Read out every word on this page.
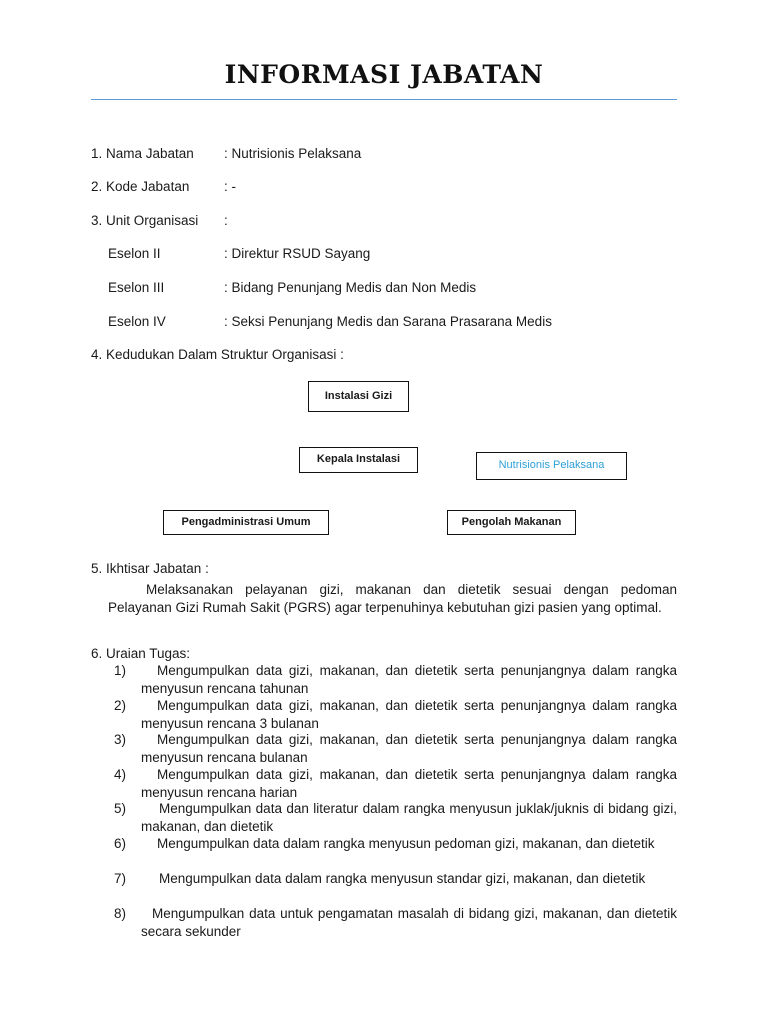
INFORMASI JABATAN
1. Nama Jabatan : Nutrisionis Pelaksana
2. Kode Jabatan	: -
3. Unit Organisasi :
Eselon II	: Direktur RSUD Sayang
Eselon III	: Bidang Penunjang Medis dan Non Medis
Eselon IV	: Seksi Penunjang Medis dan Sarana Prasarana Medis
4. Kedudukan Dalam Struktur Organisasi :
Instalasi Gizi
Kepala Instalasi	Nutrisionis Pelaksana
Pengadministrasi Umum	Pengolah Makanan
5. Ikhtisar Jabatan :
Melaksanakan pelayanan gizi, makanan dan dietetik sesuai dengan pedoman Pelayanan Gizi Rumah Sakit (PGRS) agar terpenuhinya kebutuhan gizi pasien yang optimal.
6. Uraian Tugas:
1)	Mengumpulkan data gizi, makanan, dan dietetik serta penunjangnya dalam rangka menyusun rencana tahunan
2)	Mengumpulkan data gizi, makanan, dan dietetik serta penunjangnya dalam rangka menyusun rencana 3 bulanan
3)	Mengumpulkan data gizi, makanan, dan dietetik serta penunjangnya dalam rangka menyusun rencana bulanan
4)	Mengumpulkan data gizi, makanan, dan dietetik serta penunjangnya dalam rangka menyusun rencana harian
5)	Mengumpulkan data dan literatur dalam rangka menyusun juklak/juknis di bidang gizi, makanan, dan dietetik
6)	Mengumpulkan data dalam rangka menyusun pedoman gizi, makanan, dan dietetik
7)	Mengumpulkan data dalam rangka menyusun standar gizi, makanan, dan dietetik
8)	Mengumpulkan data untuk pengamatan masalah di bidang gizi, makanan, dan dietetik secara sekunder
